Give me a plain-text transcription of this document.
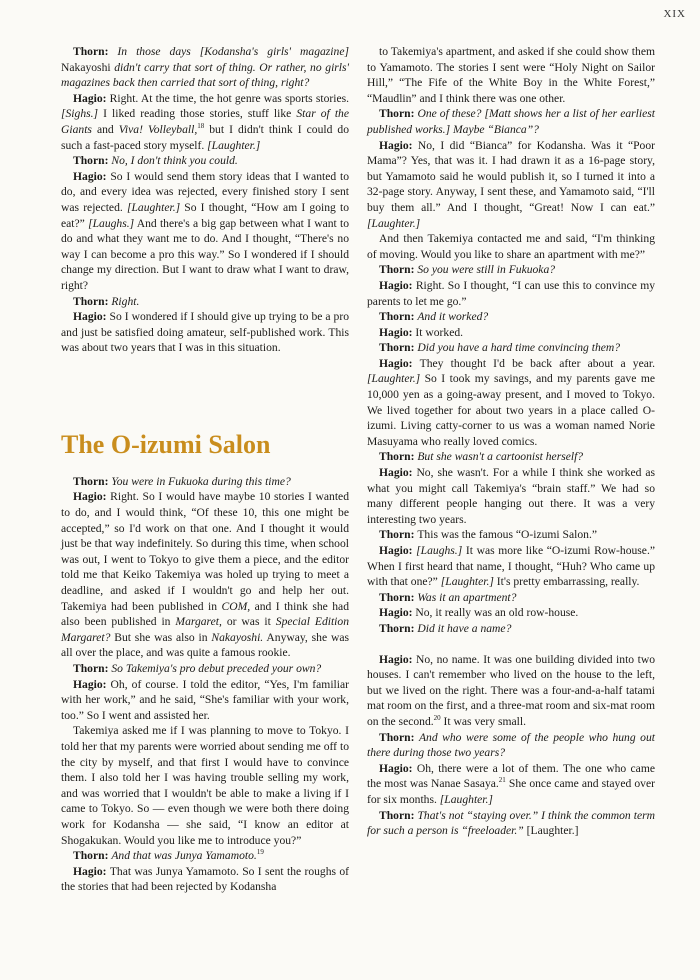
XIX

Thorn: In those days [Kodansha's girls' magazine] Nakayoshi didn't carry that sort of thing. Or rather, no girls' magazines back then carried that sort of thing, right?

Hagio: Right. At the time, the hot genre was sports stories. [Sighs.] I liked reading those stories, stuff like Star of the Giants and Viva! Volleyball,$^{18}$ but I didn't think I could do such a fast-paced story myself. [Laughter.]

Thorn: No, I don't think you could.

Hagio: So I would send them story ideas that I wanted to do, and every idea was rejected, every finished story I sent was rejected. [Laughter.] So I thought, “How am I going to eat?” [Laughs.] And there's a big gap between what I want to do and what they want me to do. And I thought, “There's no way I can become a pro this way.” So I wondered if I should change my direction. But I want to draw what I want to draw, right?

Thorn: Right.

Hagio: So I wondered if I should give up trying to be a pro and just be satisfied doing amateur, self-published work. This was about two years that I was in this situation.

The O-izumi Salon

Thorn: You were in Fukuoka during this time?

Hagio: Right. So I would have maybe 10 stories I wanted to do, and I would think, “Of these 10, this one might be accepted,” so I'd work on that one. And I thought it would just be that way indefinitely. So during this time, when school was out, I went to Tokyo to give them a piece, and the editor told me that Keiko Takemiya was holed up trying to meet a deadline, and asked if I wouldn't go and help her out. Takemiya had been published in COM, and I think she had also been published in Margaret, or was it Special Edition Margaret? But she was also in Nakayoshi. Anyway, she was all over the place, and was quite a famous rookie.

Thorn: So Takemiya's pro debut preceded your own?

Hagio: Oh, of course. I told the editor, “Yes, I'm familiar with her work,” and he said, “She's familiar with your work, too.” So I went and assisted her.

Takemiya asked me if I was planning to move to Tokyo. I told her that my parents were worried about sending me off to the city by myself, and that first I would have to convince them. I also told her I was having trouble selling my work, and was worried that I wouldn't be able to make a living if I came to Tokyo. So — even though we were both there doing work for Kodansha — she said, “I know an editor at Shogakukan. Would you like me to introduce you?”

Thorn: And that was Junya Yamamoto.$^{19}$

Hagio: That was Junya Yamamoto. So I sent the roughs of the stories that had been rejected by Kodansha

to Takemiya's apartment, and asked if she could show them to Yamamoto. The stories I sent were “Holy Night on Sailor Hill,” “The Fife of the White Boy in the White Forest,” “Maudlin” and I think there was one other.

Thorn: One of these? [Matt shows her a list of her earliest published works.] Maybe “Bianca”?

Hagio: No, I did “Bianca” for Kodansha. Was it “Poor Mama”? Yes, that was it. I had drawn it as a 16-page story, but Yamamoto said he would publish it, so I turned it into a 32-page story. Anyway, I sent these, and Yamamoto said, “I'll buy them all.” And I thought, “Great! Now I can eat.” [Laughter.]

And then Takemiya contacted me and said, “I'm thinking of moving. Would you like to share an apartment with me?”

Thorn: So you were still in Fukuoka?

Hagio: Right. So I thought, “I can use this to convince my parents to let me go.”

Thorn: And it worked?

Hagio: It worked.

Thorn: Did you have a hard time convincing them?

Hagio: They thought I'd be back after about a year. [Laughter.] So I took my savings, and my parents gave me 10,000 yen as a going-away present, and I moved to Tokyo. We lived together for about two years in a place called O-izumi. Living catty-corner to us was a woman named Norie Masuyama who really loved comics.

Thorn: But she wasn't a cartoonist herself?

Hagio: No, she wasn't. For a while I think she worked as what you might call Takemiya's “brain staff.” We had so many different people hanging out there. It was a very interesting two years.

Thorn: This was the famous “O-izumi Salon.”

Hagio: [Laughs.] It was more like “O-izumi Row-house.” When I first heard that name, I thought, “Huh? Who came up with that one?” [Laughter.] It's pretty embarrassing, really.

Thorn: Was it an apartment?

Hagio: No, it really was an old row-house.

Thorn: Did it have a name?

Hagio: No, no name. It was one building divided into two houses. I can't remember who lived on the house to the left, but we lived on the right. There was a four-and-a-half tatami mat room on the first, and a three-mat room and six-mat room on the second.$^{20}$ It was very small.

Thorn: And who were some of the people who hung out there during those two years?

Hagio: Oh, there were a lot of them. The one who came the most was Nanae Sasaya.$^{21}$ She once came and stayed over for six months. [Laughter.]

Thorn: That's not “staying over.” I think the common term for such a person is “freeloader.” [Laughter.]
